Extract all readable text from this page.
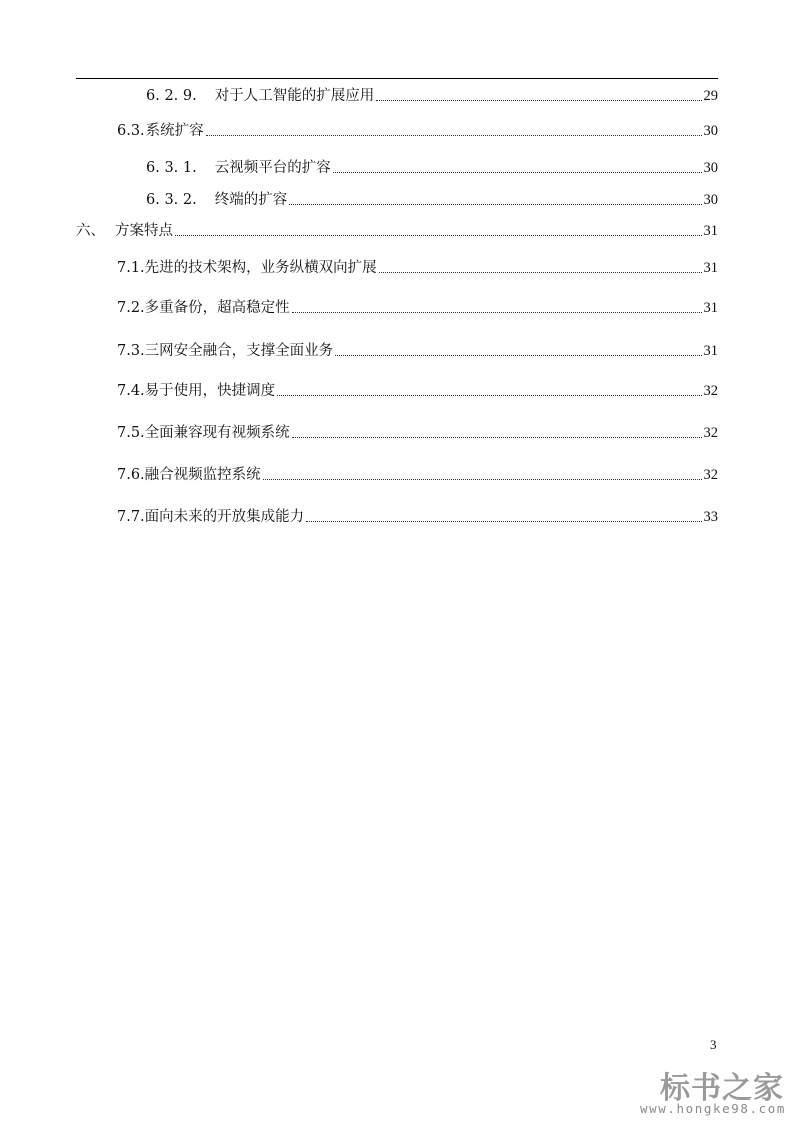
6. 2. 9. 对于人工智能的扩展应用	29
6.3. 系统扩容	30
6. 3. 1. 云视频平台的扩容	30
6. 3. 2. 终端的扩容	30
六、 方案特点	31
7.1. 先进的技术架构，业务纵横双向扩展	31
7.2. 多重备份，超高稳定性	31
7.3. 三网安全融合，支撑全面业务	31
7.4. 易于使用，快捷调度	32
7.5. 全面兼容现有视频系统	32
7.6. 融合视频监控系统	32
7.7. 面向未来的开放集成能力	33
3
标书之家
www.hongke98.com
